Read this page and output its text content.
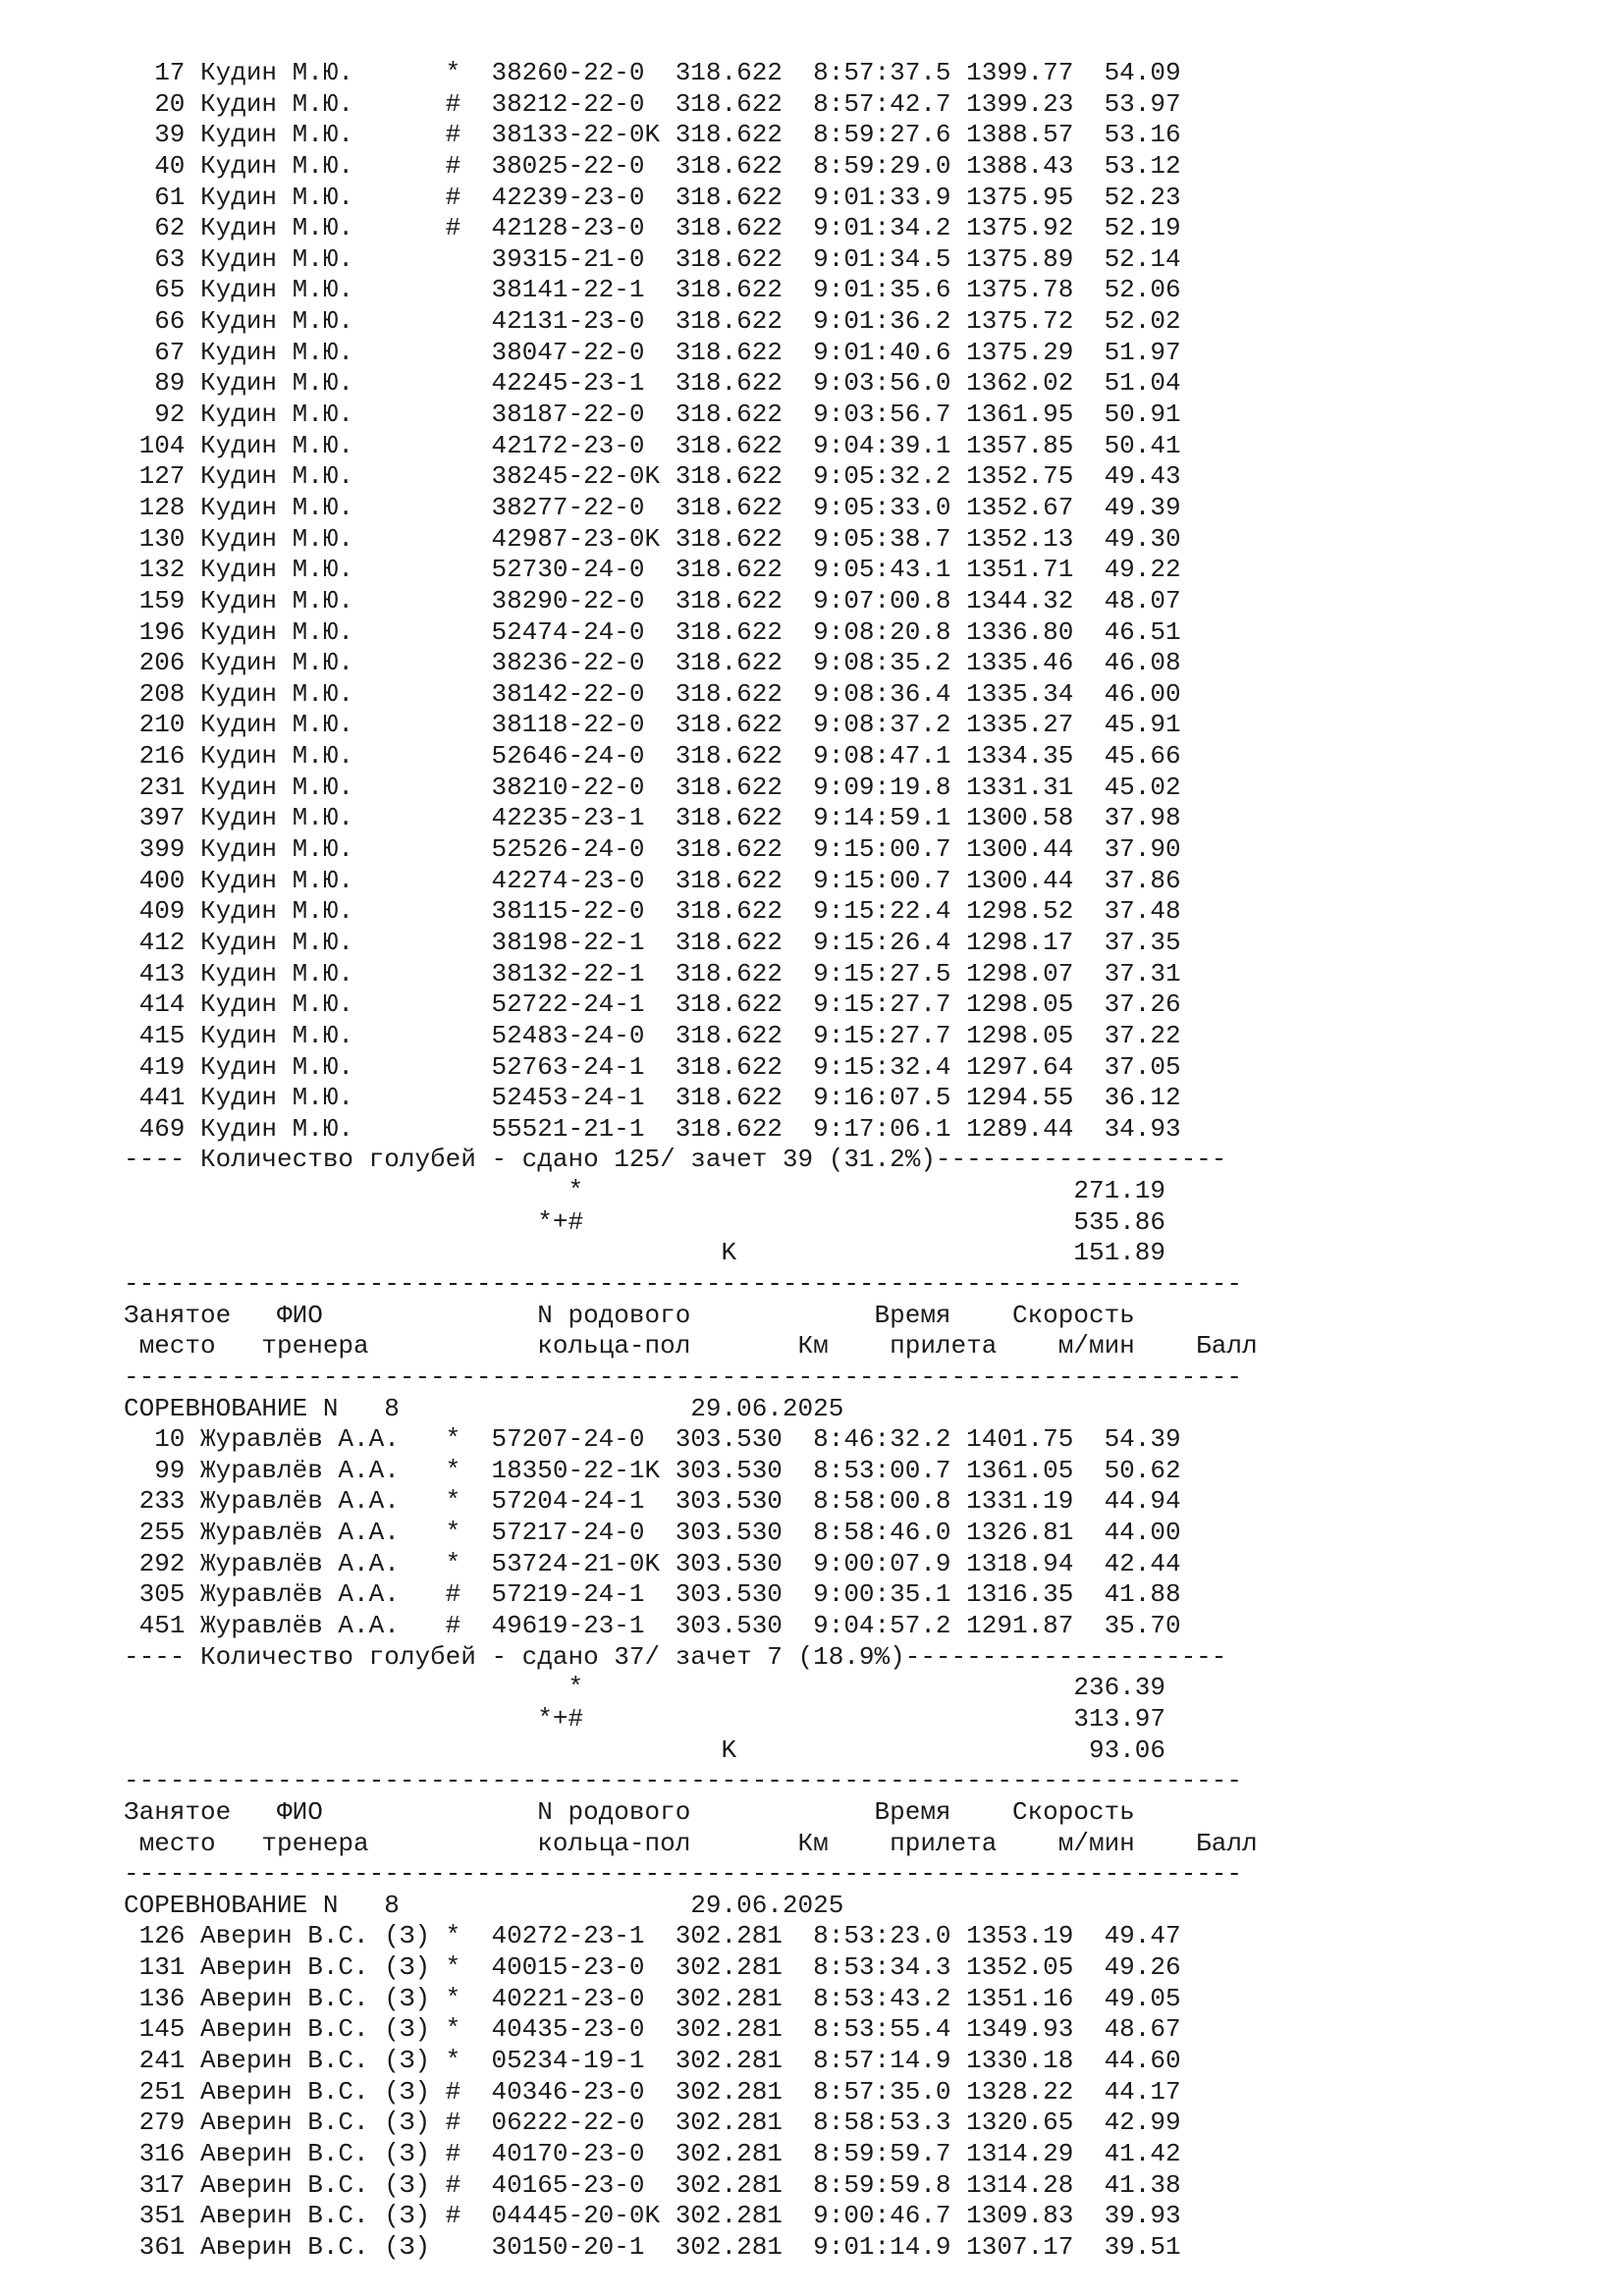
17 Кудин М.Ю.      *  38260-22-0  318.622  8:57:37.5 1399.77  54.09
20 Кудин М.Ю.      #  38212-22-0  318.622  8:57:42.7 1399.23  53.97
39 Кудин М.Ю.      #  38133-22-0K 318.622  8:59:27.6 1388.57  53.16
40 Кудин М.Ю.      #  38025-22-0  318.622  8:59:29.0 1388.43  53.12
61 Кудин М.Ю.      #  42239-23-0  318.622  9:01:33.9 1375.95  52.23
62 Кудин М.Ю.      #  42128-23-0  318.622  9:01:34.2 1375.92  52.19
63 Кудин М.Ю.         39315-21-0  318.622  9:01:34.5 1375.89  52.14
65 Кудин М.Ю.         38141-22-1  318.622  9:01:35.6 1375.78  52.06
66 Кудин М.Ю.         42131-23-0  318.622  9:01:36.2 1375.72  52.02
67 Кудин М.Ю.         38047-22-0  318.622  9:01:40.6 1375.29  51.97
89 Кудин М.Ю.         42245-23-1  318.622  9:03:56.0 1362.02  51.04
92 Кудин М.Ю.         38187-22-0  318.622  9:03:56.7 1361.95  50.91
104 Кудин М.Ю.         42172-23-0  318.622  9:04:39.1 1357.85  50.41
127 Кудин М.Ю.         38245-22-0K 318.622  9:05:32.2 1352.75  49.43
128 Кудин М.Ю.         38277-22-0  318.622  9:05:33.0 1352.67  49.39
130 Кудин М.Ю.         42987-23-0K 318.622  9:05:38.7 1352.13  49.30
132 Кудин М.Ю.         52730-24-0  318.622  9:05:43.1 1351.71  49.22
159 Кудин М.Ю.         38290-22-0  318.622  9:07:00.8 1344.32  48.07
196 Кудин М.Ю.         52474-24-0  318.622  9:08:20.8 1336.80  46.51
206 Кудин М.Ю.         38236-22-0  318.622  9:08:35.2 1335.46  46.08
208 Кудин М.Ю.         38142-22-0  318.622  9:08:36.4 1335.34  46.00
210 Кудин М.Ю.         38118-22-0  318.622  9:08:37.2 1335.27  45.91
216 Кудин М.Ю.         52646-24-0  318.622  9:08:47.1 1334.35  45.66
231 Кудин М.Ю.         38210-22-0  318.622  9:09:19.8 1331.31  45.02
397 Кудин М.Ю.         42235-23-1  318.622  9:14:59.1 1300.58  37.98
399 Кудин М.Ю.         52526-24-0  318.622  9:15:00.7 1300.44  37.90
400 Кудин М.Ю.         42274-23-0  318.622  9:15:00.7 1300.44  37.86
409 Кудин М.Ю.         38115-22-0  318.622  9:15:22.4 1298.52  37.48
412 Кудин М.Ю.         38198-22-1  318.622  9:15:26.4 1298.17  37.35
413 Кудин М.Ю.         38132-22-1  318.622  9:15:27.5 1298.07  37.31
414 Кудин М.Ю.         52722-24-1  318.622  9:15:27.7 1298.05  37.26
415 Кудин М.Ю.         52483-24-0  318.622  9:15:27.7 1298.05  37.22
419 Кудин М.Ю.         52763-24-1  318.622  9:15:32.4 1297.64  37.05
441 Кудин М.Ю.         52453-24-1  318.622  9:16:07.5 1294.55  36.12
469 Кудин М.Ю.         55521-21-1  318.622  9:17:06.1 1289.44  34.93
---- Количество голубей - сдано 125/ зачет 39 (31.2%)-------------------
*                                271.19
*+#                                535.86
K                      151.89
-------------------------------------------------------------------------
Занятое   ФИО              N родового            Время    Скорость
место   тренера           кольца-пол       Км    прилета    м/мин    Балл
-------------------------------------------------------------------------
СОРЕВНОВАНИЕ N   8                   29.06.2025
10 Журавлёв А.А.   *  57207-24-0  303.530  8:46:32.2 1401.75  54.39
99 Журавлёв А.А.   *  18350-22-1K 303.530  8:53:00.7 1361.05  50.62
233 Журавлёв А.А.   *  57204-24-1  303.530  8:58:00.8 1331.19  44.94
255 Журавлёв А.А.   *  57217-24-0  303.530  8:58:46.0 1326.81  44.00
292 Журавлёв А.А.   *  53724-21-0K 303.530  9:00:07.9 1318.94  42.44
305 Журавлёв А.А.   #  57219-24-1  303.530  9:00:35.1 1316.35  41.88
451 Журавлёв А.А.   #  49619-23-1  303.530  9:04:57.2 1291.87  35.70
---- Количество голубей - сдано 37/ зачет 7 (18.9%)---------------------
*                                236.39
*+#                                313.97
K                       93.06
-------------------------------------------------------------------------
Занятое   ФИО              N родового            Время    Скорость
место   тренера           кольца-пол       Км    прилета    м/мин    Балл
-------------------------------------------------------------------------
СОРЕВНОВАНИЕ N   8                   29.06.2025
126 Аверин В.С. (З) *  40272-23-1  302.281  8:53:23.0 1353.19  49.47
131 Аверин В.С. (З) *  40015-23-0  302.281  8:53:34.3 1352.05  49.26
136 Аверин В.С. (З) *  40221-23-0  302.281  8:53:43.2 1351.16  49.05
145 Аверин В.С. (З) *  40435-23-0  302.281  8:53:55.4 1349.93  48.67
241 Аверин В.С. (З) *  05234-19-1  302.281  8:57:14.9 1330.18  44.60
251 Аверин В.С. (З) #  40346-23-0  302.281  8:57:35.0 1328.22  44.17
279 Аверин В.С. (З) #  06222-22-0  302.281  8:58:53.3 1320.65  42.99
316 Аверин В.С. (З) #  40170-23-0  302.281  8:59:59.7 1314.29  41.42
317 Аверин В.С. (З) #  40165-23-0  302.281  8:59:59.8 1314.28  41.38
351 Аверин В.С. (З) #  04445-20-0K 302.281  9:00:46.7 1309.83  39.93
361 Аверин В.С. (З)    30150-20-1  302.281  9:01:14.9 1307.17  39.51
